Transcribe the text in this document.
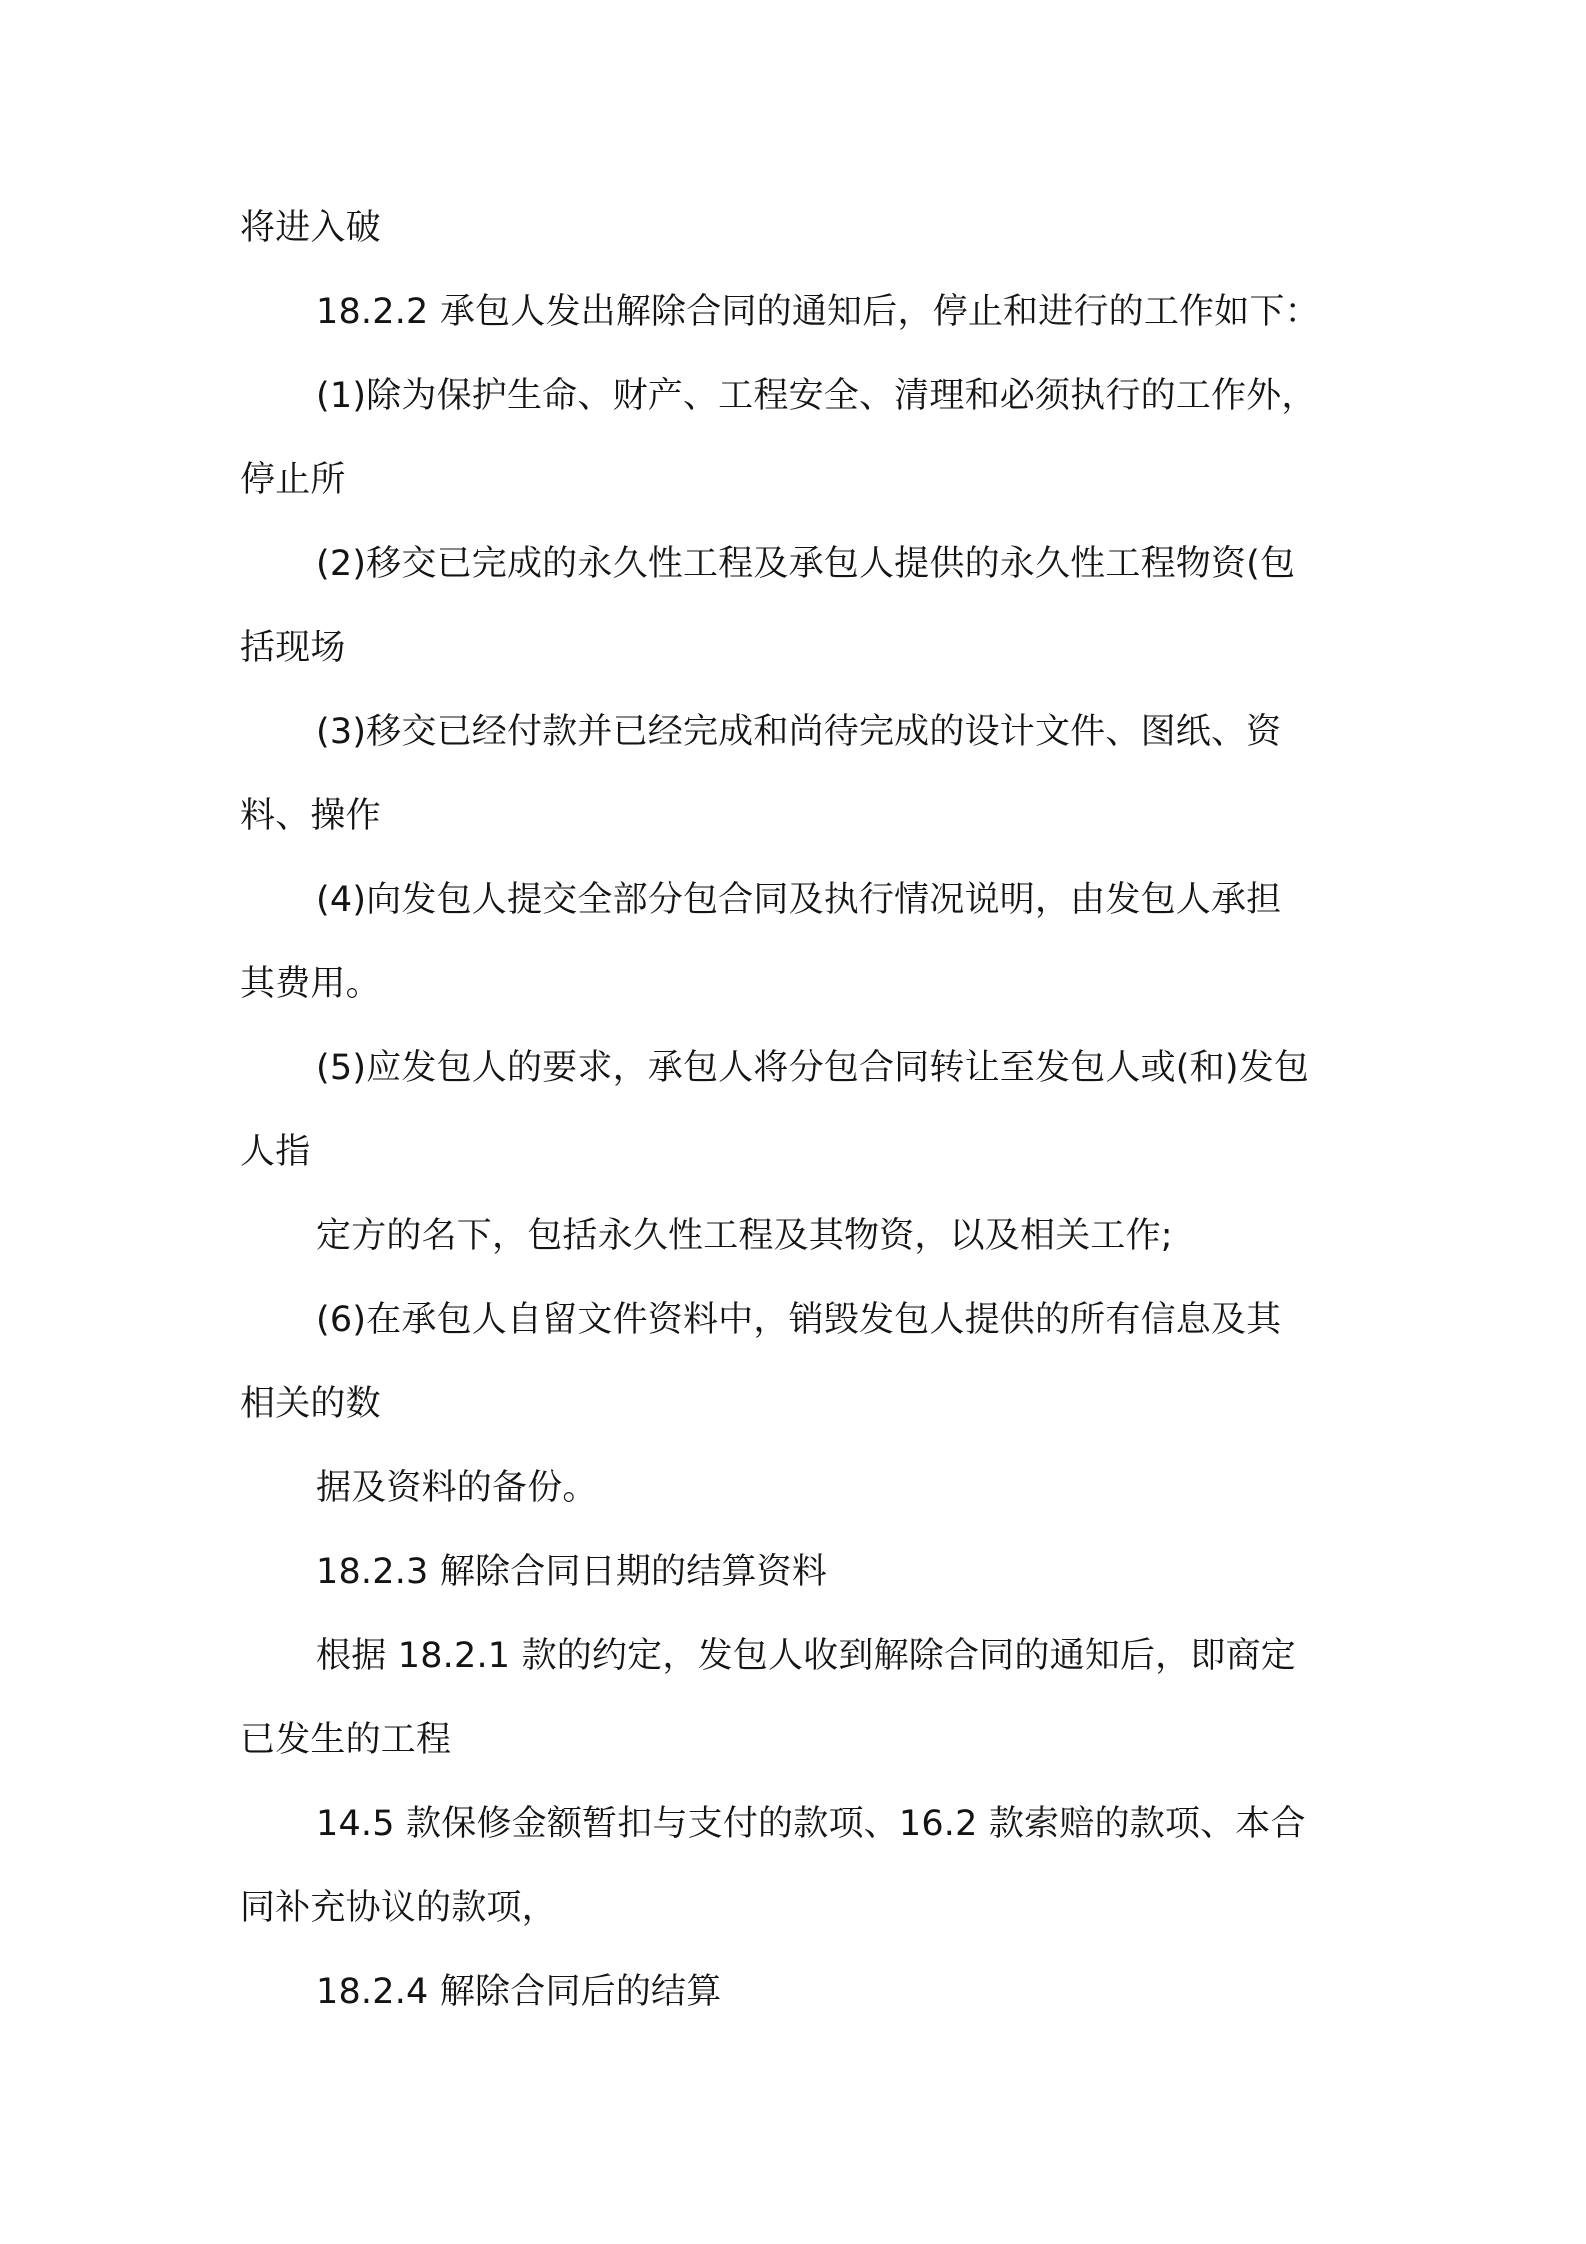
将进入破
18.2.2 承包人发出解除合同的通知后，停止和进行的工作如下：
(1)除为保护生命、财产、工程安全、清理和必须执行的工作外，
停止所
(2)移交已完成的永久性工程及承包人提供的永久性工程物资(包
括现场
(3)移交已经付款并已经完成和尚待完成的设计文件、图纸、资
料、操作
(4)向发包人提交全部分包合同及执行情况说明，由发包人承担
其费用。
(5)应发包人的要求，承包人将分包合同转让至发包人或(和)发包
人指
定方的名下，包括永久性工程及其物资，以及相关工作;
(6)在承包人自留文件资料中，销毁发包人提供的所有信息及其
相关的数
据及资料的备份。
18.2.3 解除合同日期的结算资料
根据 18.2.1 款的约定，发包人收到解除合同的通知后，即商定
已发生的工程
14.5 款保修金额暂扣与支付的款项、16.2 款索赔的款项、本合
同补充协议的款项，
18.2.4 解除合同后的结算
